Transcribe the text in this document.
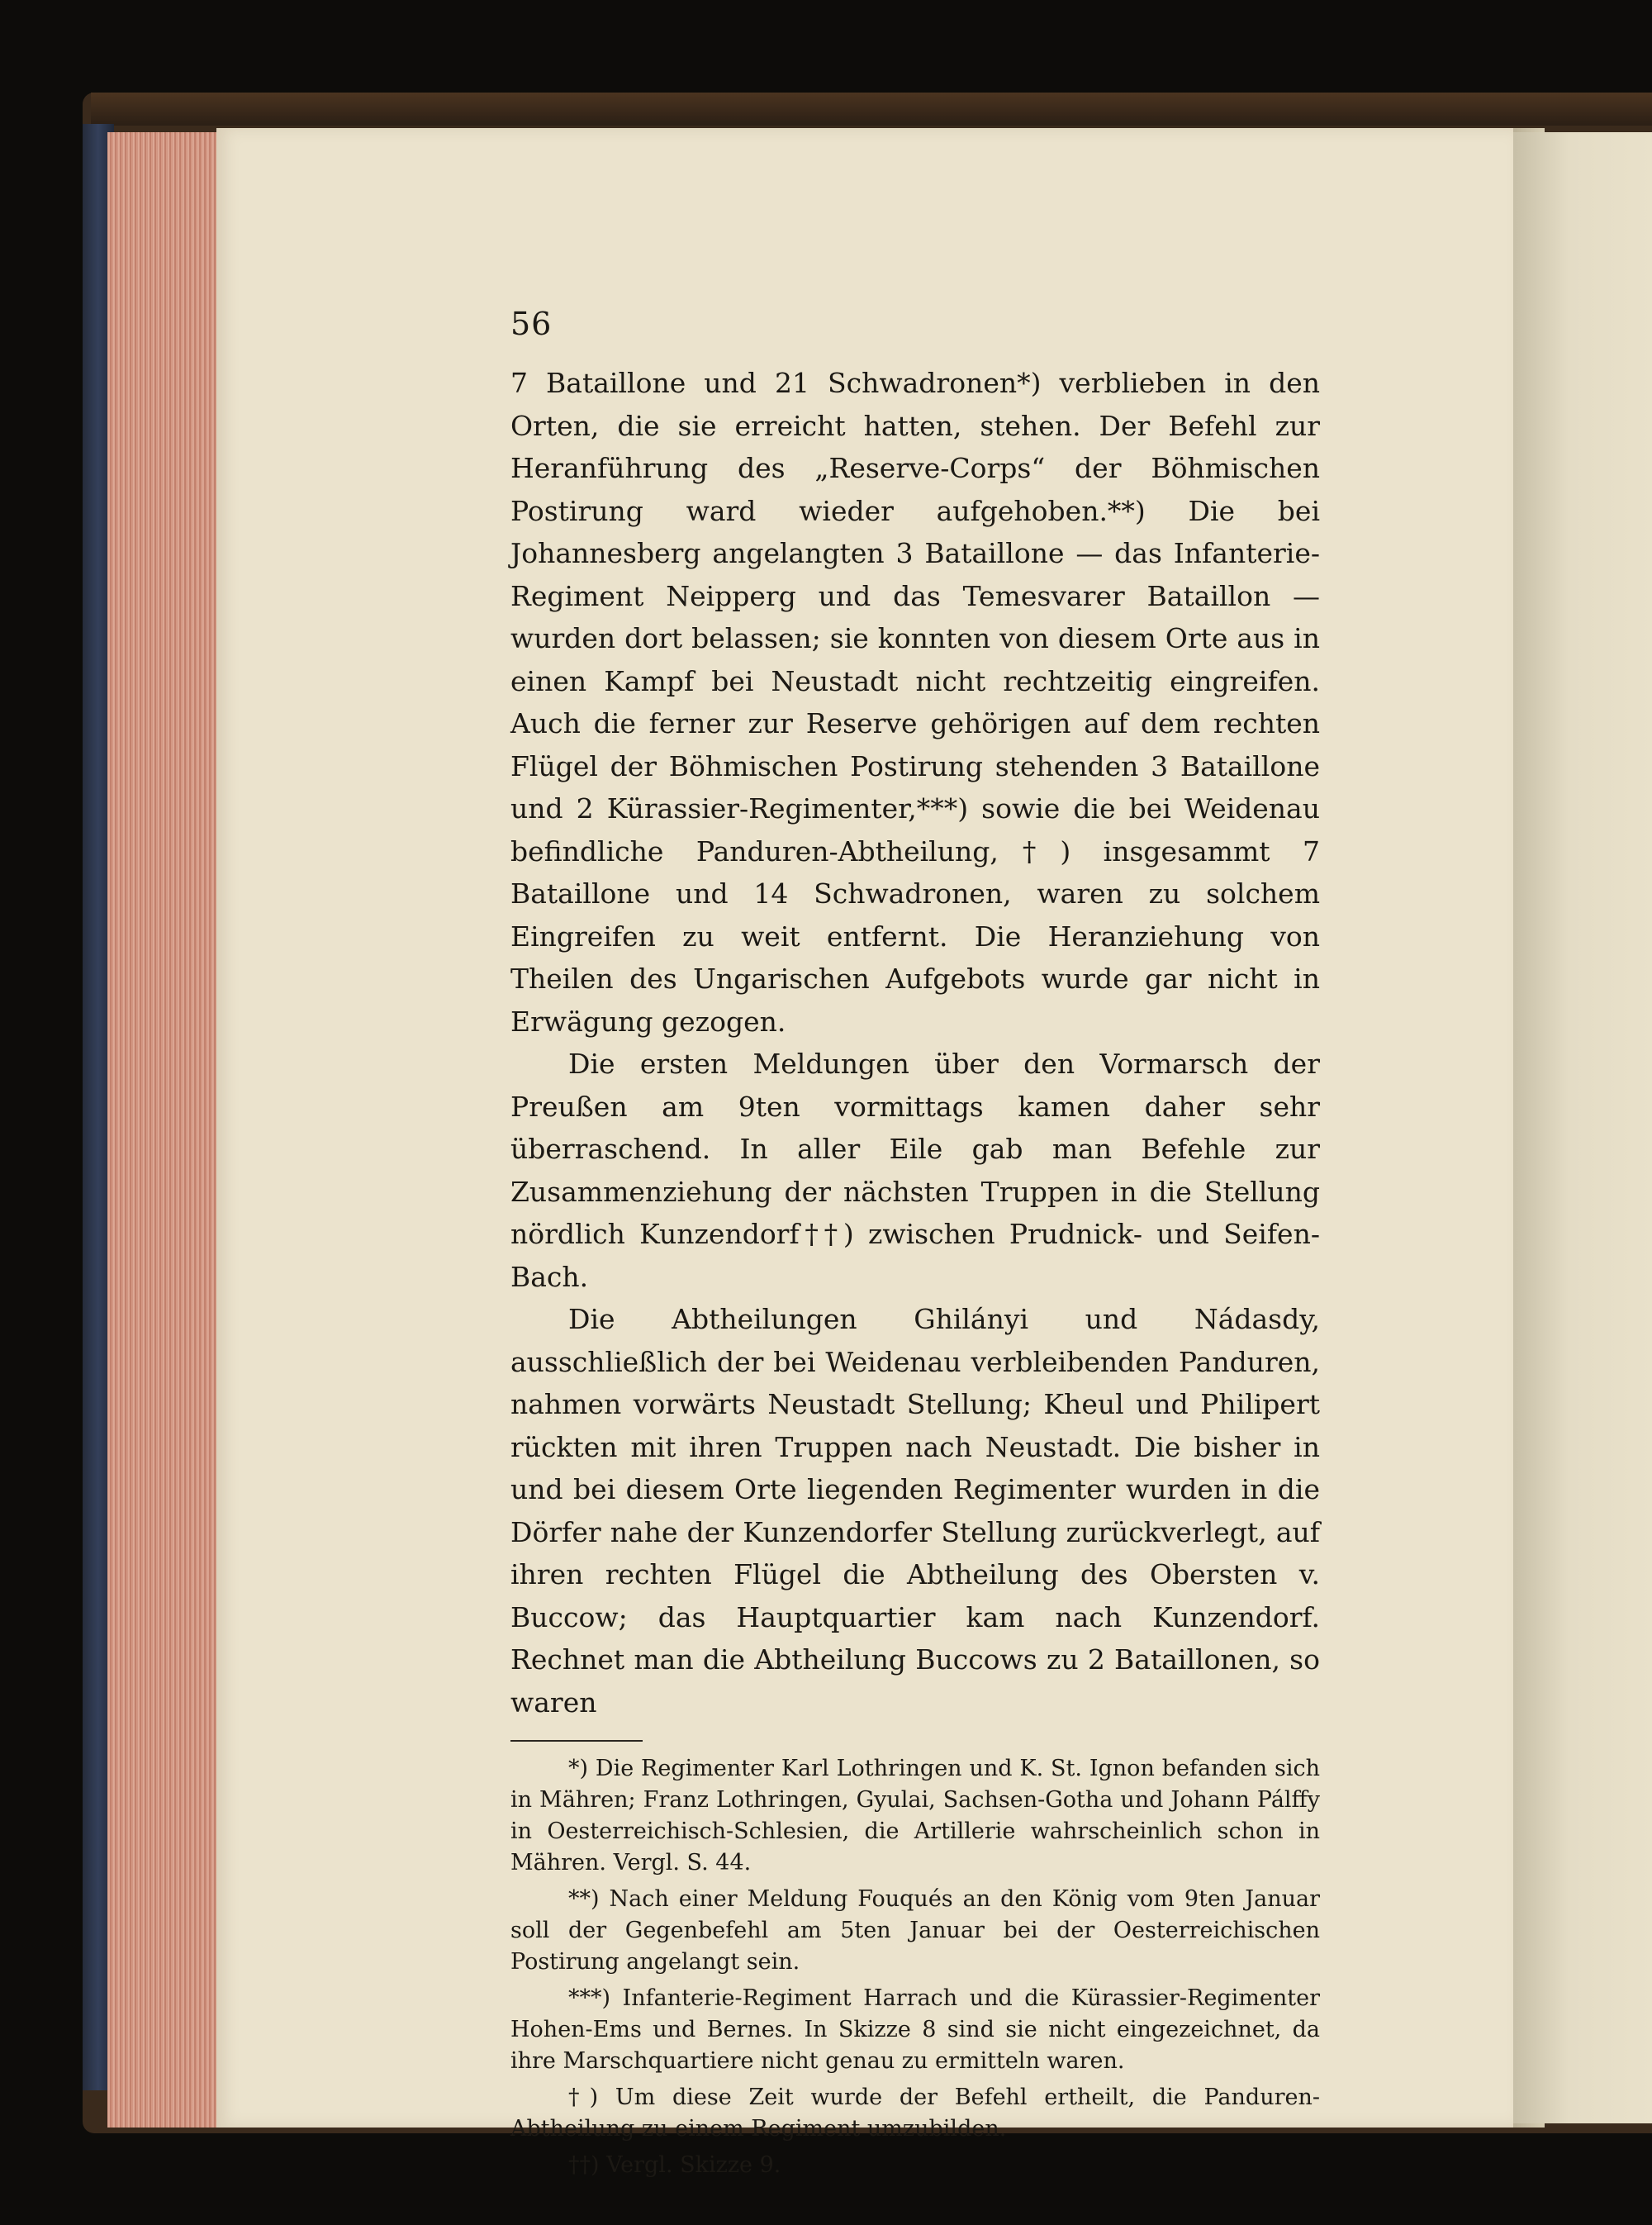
56

7 Bataillone und 21 Schwadronen*) verblieben in den Orten, die sie erreicht hatten, stehen. Der Befehl zur Heranführung des „Reserve-Corps“ der Böhmischen Postirung ward wieder aufgehoben.**) Die bei Johannesberg angelangten 3 Bataillone — das Infanterie-Regiment Neipperg und das Temesvarer Bataillon — wurden dort belassen; sie konnten von diesem Orte aus in einen Kampf bei Neustadt nicht rechtzeitig eingreifen. Auch die ferner zur Reserve gehörigen auf dem rechten Flügel der Böhmischen Postirung stehenden 3 Bataillone und 2 Kürassier-Regimenter,***) sowie die bei Weidenau befindliche Panduren-Abtheilung,†) insgesammt 7 Bataillone und 14 Schwadronen, waren zu solchem Eingreifen zu weit entfernt. Die Heranziehung von Theilen des Ungarischen Aufgebots wurde gar nicht in Erwägung gezogen.

Die ersten Meldungen über den Vormarsch der Preußen am 9ten vormittags kamen daher sehr überraschend. In aller Eile gab man Befehle zur Zusammenziehung der nächsten Truppen in die Stellung nördlich Kunzendorf††) zwischen Prudnick- und Seifen-Bach.

Die Abtheilungen Ghilányi und Nádasdy, ausschließlich der bei Weidenau verbleibenden Panduren, nahmen vorwärts Neustadt Stellung; Kheul und Philipert rückten mit ihren Truppen nach Neustadt. Die bisher in und bei diesem Orte liegenden Regimenter wurden in die Dörfer nahe der Kunzendorfer Stellung zurückverlegt, auf ihren rechten Flügel die Abtheilung des Obersten v. Buccow; das Hauptquartier kam nach Kunzendorf. Rechnet man die Abtheilung Buccows zu 2 Bataillonen, so waren

*) Die Regimenter Karl Lothringen und K. St. Ignon befanden sich in Mähren; Franz Lothringen, Gyulai, Sachsen-Gotha und Johann Pálffy in Oesterreichisch-Schlesien, die Artillerie wahrscheinlich schon in Mähren. Vergl. S. 44.

**) Nach einer Meldung Fouqués an den König vom 9ten Januar soll der Gegenbefehl am 5ten Januar bei der Oesterreichischen Postirung angelangt sein.

***) Infanterie-Regiment Harrach und die Kürassier-Regimenter Hohen-Ems und Bernes. In Skizze 8 sind sie nicht eingezeichnet, da ihre Marschquartiere nicht genau zu ermitteln waren.

†) Um diese Zeit wurde der Befehl ertheilt, die Panduren-Abtheilung zu einem Regiment umzubilden.

††) Vergl. Skizze 9.
